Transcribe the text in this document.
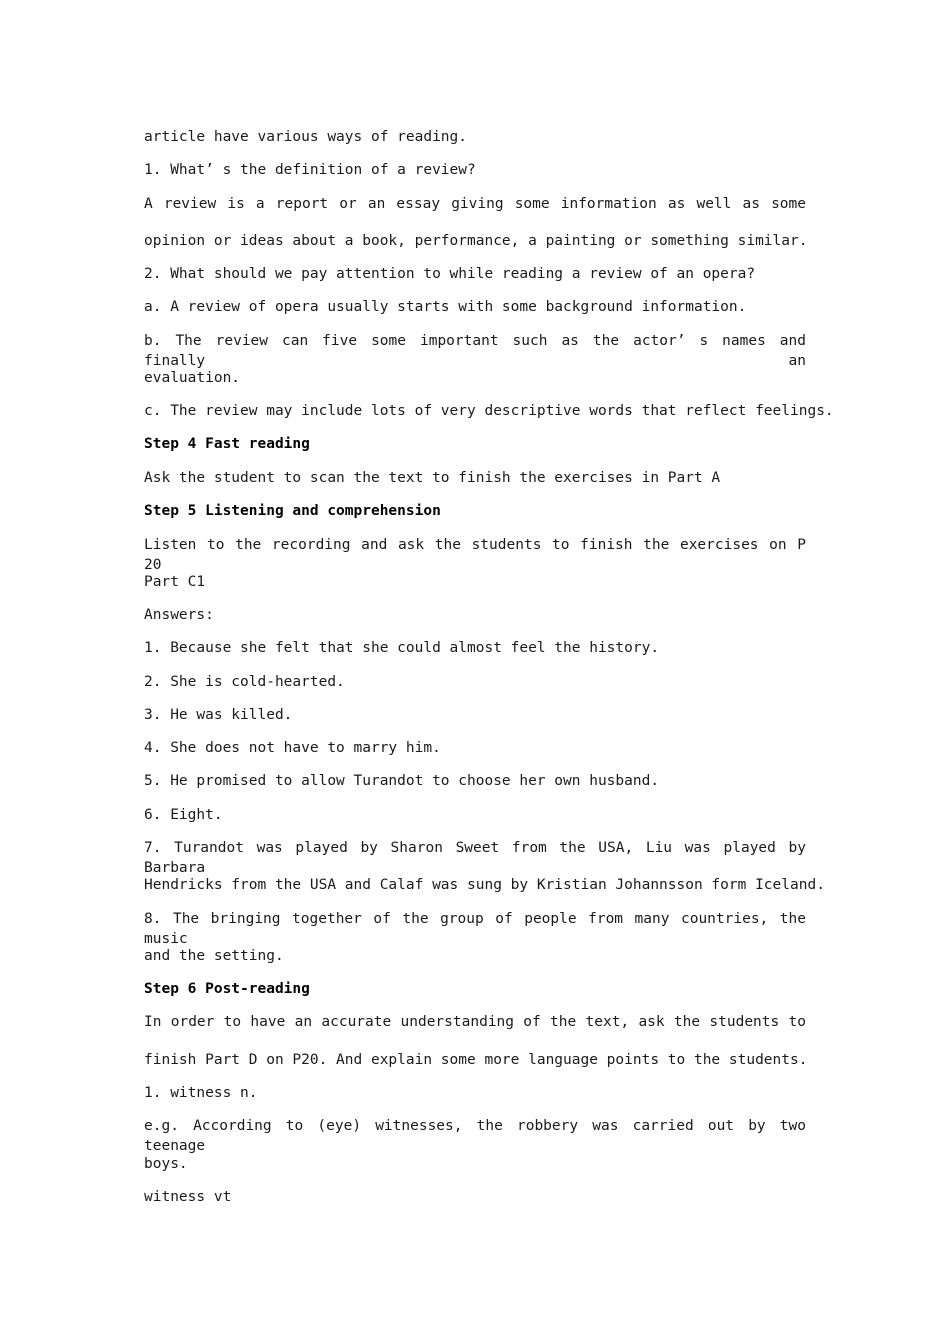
article have various ways of reading.
1. What’ s the definition of a review?
A review is a report or an essay giving some information as well as some
opinion or ideas about a book, performance, a painting or something similar.
2. What should we pay attention to while reading a review of an opera?
a. A review of opera usually starts with some background information.
b. The review can five some important such as the actor’ s names and finally an
evaluation.
c. The review may include lots of very descriptive words that reflect feelings.
Step 4 Fast reading
Ask the student to scan the text to finish the exercises in Part A
Step 5 Listening and comprehension
Listen to the recording and ask the students to finish the exercises on P 20
Part C1
Answers:
1. Because she felt that she could almost feel the history.
2. She is cold-hearted.
3. He was killed.
4. She does not have to marry him.
5. He promised to allow Turandot to choose her own husband.
6. Eight.
7. Turandot was played by Sharon Sweet from the USA, Liu was played by Barbara
Hendricks from the USA and Calaf was sung by Kristian Johannsson form Iceland.
8. The bringing together of the group of people from many countries, the music
and the setting.
Step 6 Post-reading
In order to have an accurate understanding of the text, ask the students to
finish Part D on P20. And explain some more language points to the students.
1. witness n.
e.g. According to (eye) witnesses, the robbery was carried out by two teenage
boys.
witness vt
